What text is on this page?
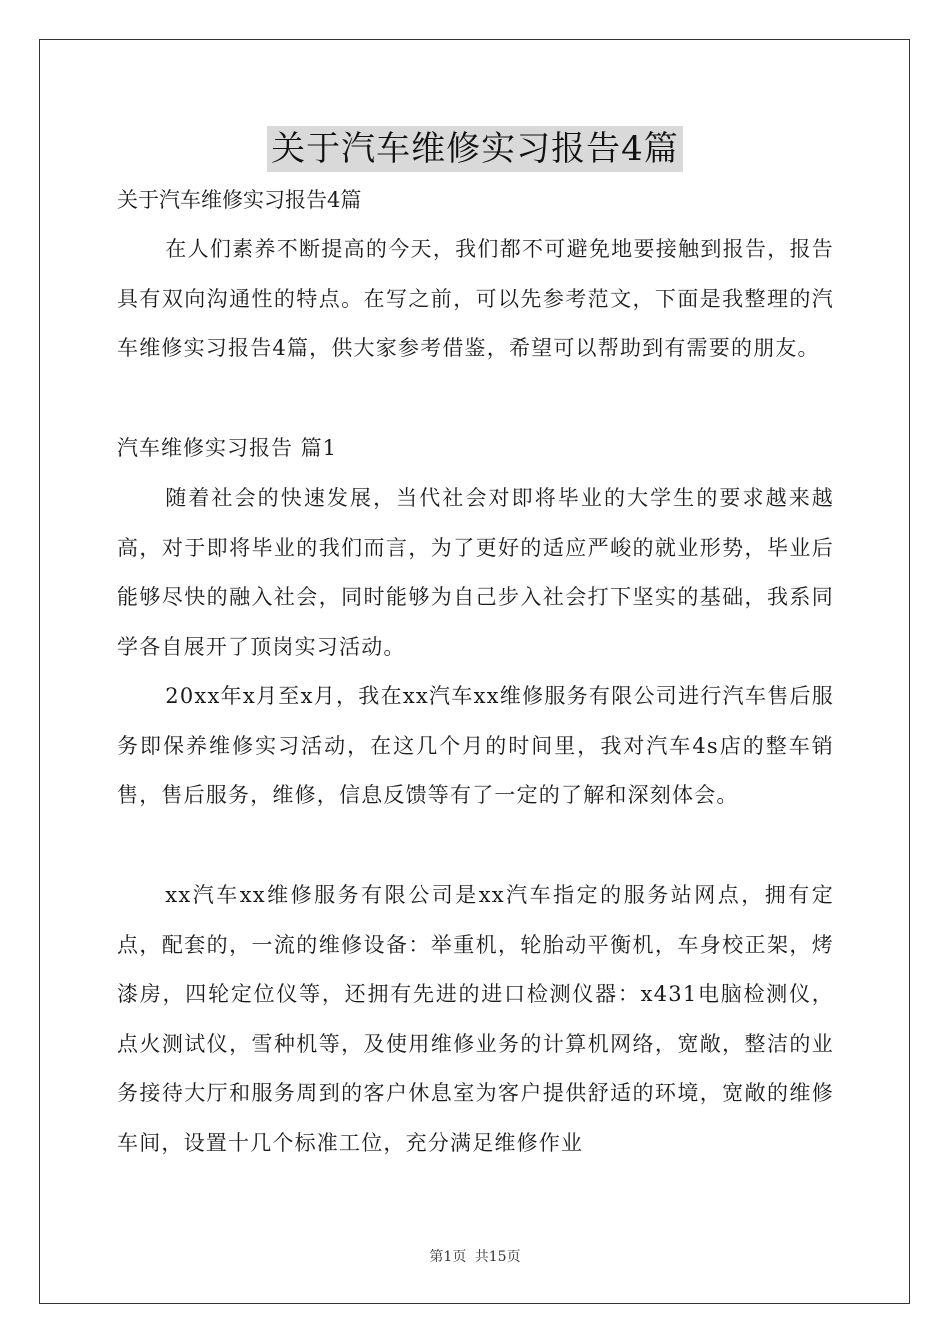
关于汽车维修实习报告4篇
关于汽车维修实习报告4篇

在人们素养不断提高的今天，我们都不可避免地要接触到报告，报告具有双向沟通性的特点。在写之前，可以先参考范文，下面是我整理的汽车维修实习报告4篇，供大家参考借鉴，希望可以帮助到有需要的朋友。

汽车维修实习报告 篇1

随着社会的快速发展，当代社会对即将毕业的大学生的要求越来越高，对于即将毕业的我们而言，为了更好的适应严峻的就业形势，毕业后能够尽快的融入社会，同时能够为自己步入社会打下坚实的基础，我系同学各自展开了顶岗实习活动。

20xx年x月至x月，我在xx汽车xx维修服务有限公司进行汽车售后服务即保养维修实习活动，在这几个月的时间里，我对汽车4s店的整车销售，售后服务，维修，信息反馈等有了一定的了解和深刻体会。

xx汽车xx维修服务有限公司是xx汽车指定的服务站网点，拥有定点，配套的，一流的维修设备：举重机，轮胎动平衡机，车身校正架，烤漆房，四轮定位仪等，还拥有先进的进口检测仪器：x431电脑检测仪，点火测试仪，雪种机等，及使用维修业务的计算机网络，宽敞，整洁的业务接待大厅和服务周到的客户休息室为客户提供舒适的环境，宽敞的维修车间，设置十几个标准工位，充分满足维修作业

第1页 共15页
